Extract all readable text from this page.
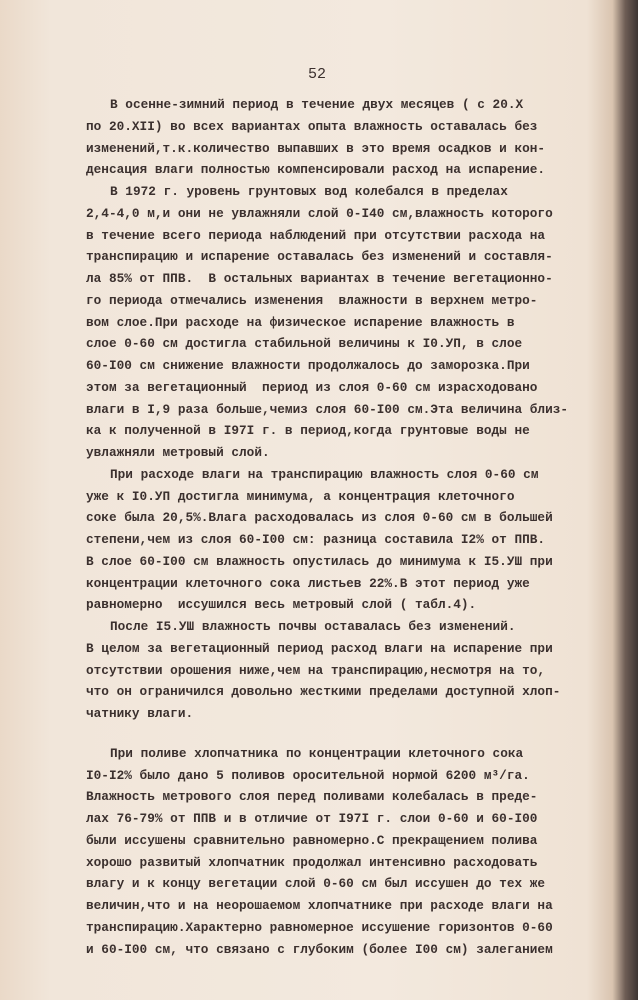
52
В осенне-зимний период в течение двух месяцев ( с 20.Х
по 20.XII) во всех вариантах опыта влажность оставалась без
изменений,т.к.количество выпавших в это время осадков и кон-
денсация влаги полностью компенсировали расход на испарение.
В 1972 г. уровень грунтовых вод колебался в пределах
2,4-4,0 м,и они не увлажняли слой 0-I40 см,влажность которого
в течение всего периода наблюдений при отсутствии расхода на
транспирацию и испарение оставалась без изменений и составля-
ла 85% от ППВ.  В остальных вариантах в течение вегетационно-
го периода отмечались изменения  влажности в верхнем метро-
вом слое.При расходе на физическое испарение влажность в
слое 0-60 см достигла стабильной величины к I0.УП, в слое
60-I00 см снижение влажности продолжалось до заморозка.При
этом за вегетационный  период из слоя 0-60 см израсходовано
влаги в I,9 раза больше,чемиз слоя 60-I00 см.Эта величина близ-
ка к полученной в I97I г. в период,когда грунтовые воды не
увлажняли метровый слой.
При расходе влаги на транспирацию влажность слоя 0-60 см
уже к I0.УП достигла минимума, а концентрация клеточного
соке была 20,5%.Влага расходовалась из слоя 0-60 см в большей
степени,чем из слоя 60-I00 см: разница составила I2% от ППВ.
В слое 60-I00 см влажность опустилась до минимума к I5.УШ при
концентрации клеточного сока листьев 22%.В этот период уже
равномерно  иссушился весь метровый слой ( табл.4).
После I5.УШ влажность почвы оставалась без изменений.
В целом за вегетационный период расход влаги на испарение при
отсутствии орошения ниже,чем на транспирацию,несмотря на то,
что он ограничился довольно жесткими пределами доступной хлоп-
чатнику влаги.
При поливе хлопчатника по концентрации клеточного сока
I0-I2% было дано 5 поливов оросительной нормой 6200 м³/га.
Влажность метрового слоя перед поливами колебалась в преде-
лах 76-79% от ППВ и в отличие от I97I г. слои 0-60 и 60-I00
были иссушены сравнительно равномерно.С прекращением полива
хорошо развитый хлопчатник продолжал интенсивно расходовать
влагу и к концу вегетации слой 0-60 см был иссушен до тех же
величин,что и на неорошаемом хлопчатнике при расходе влаги на
транспирацию.Характерно равномерное иссушение горизонтов 0-60
и 60-I00 см, что связано с глубоким (более I00 см) залеганием
